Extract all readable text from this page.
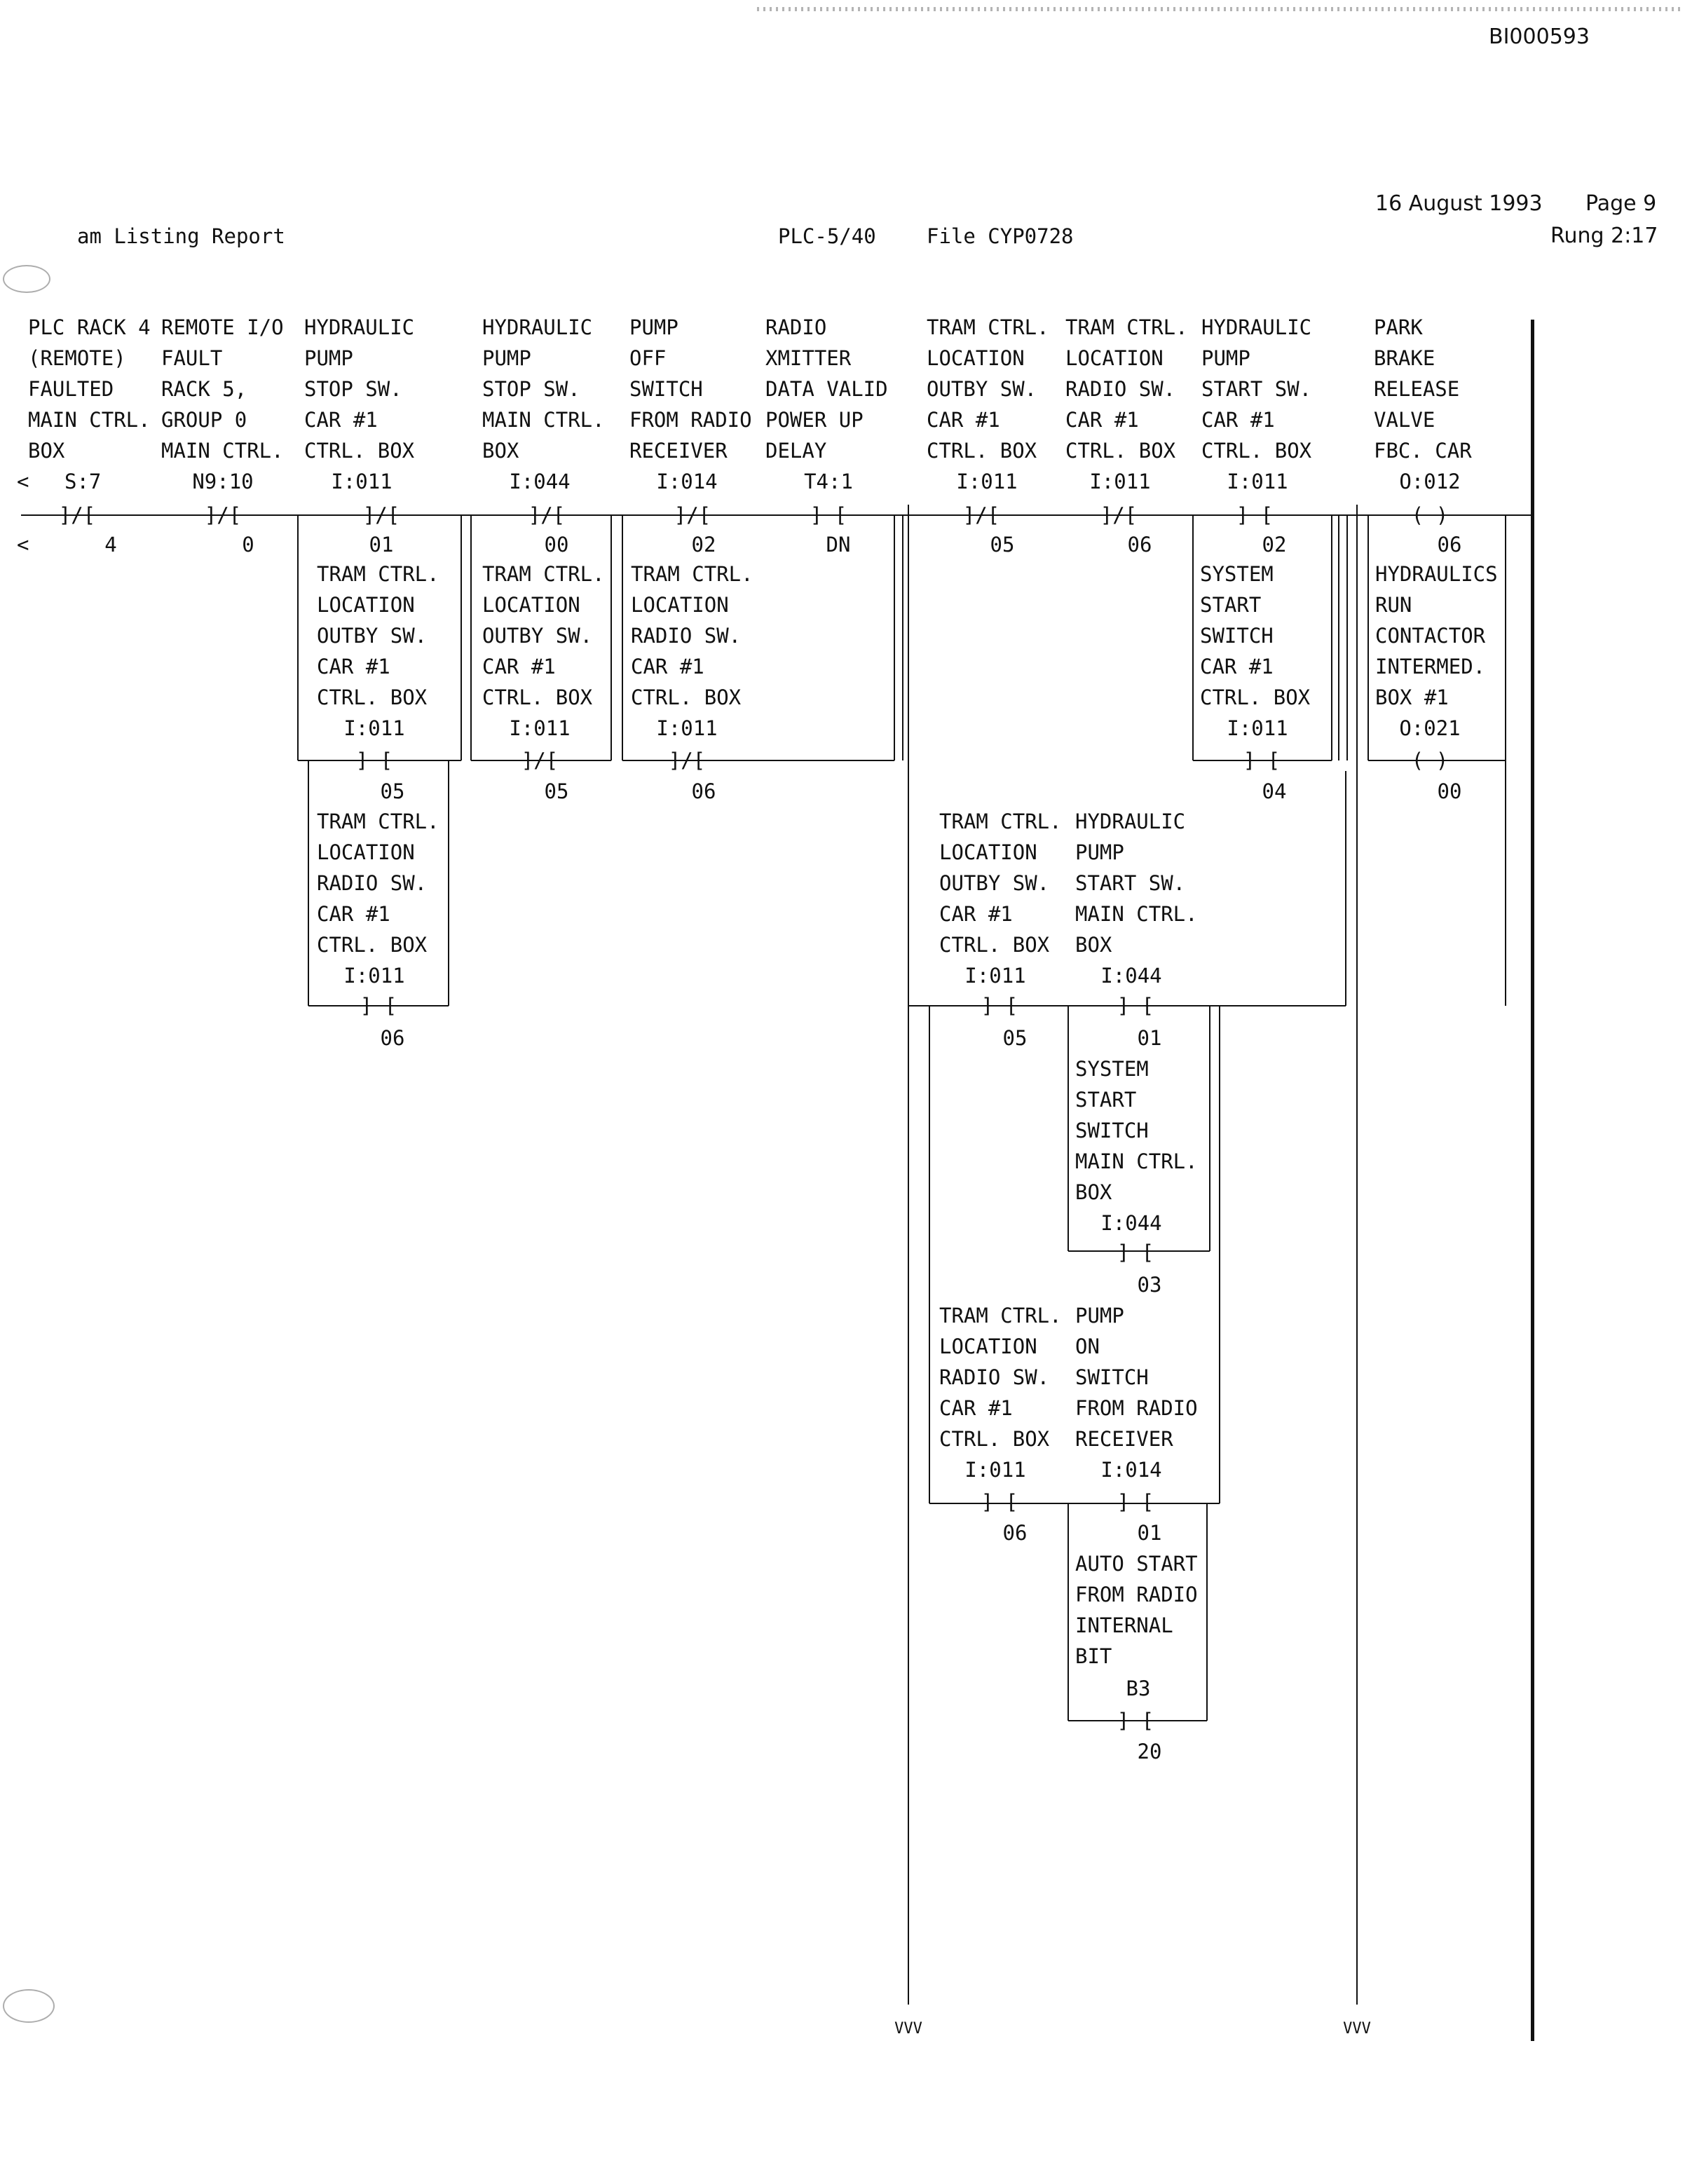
BI000593
16 August 1993 Page 9
am Listing Report	PLC-5/40 File CYP0728	Rung 2:17
PLC RACK 4
(REMOTE)
FAULTED
MAIN CTRL.
BOX
< S:7
]/[
<	4
REMOTE I/O
FAULT
RACK 5,
GROUP 0
MAIN CTRL.
N9:10
]/[
0
HYDRAULIC
PUMP
STOP SW.
CAR #1
CTRL. BOX
I:011
]/[
01
HYDRAULIC
PUMP
STOP SW.
MAIN CTRL.
BOX
I:044
]/[
00
PUMP
OFF
SWITCH
FROM RADIO
RECEIVER
I:014
]/[
02
RADIO
XMITTER
DATA VALID
POWER UP
DELAY
T4:1
] [
DN
TRAM CTRL.
LOCATION
OUTBY SW.
CAR #1
CTRL. BOX
I:011
]/[
05
TRAM CTRL.
LOCATION
RADIO SW.
CAR #1
CTRL. BOX
I:011
]/[
06
HYDRAULIC
PUMP
START SW.
CAR #1
CTRL. BOX
I:011
] [
02
PARK
BRAKE
RELEASE
VALVE
FBC. CAR
O:012
( )
06
TRAM CTRL.
LOCATION
OUTBY SW.
CAR #1
CTRL. BOX
I:011
] [
05
TRAM CTRL.
LOCATION
OUTBY SW.
CAR #1
CTRL. BOX
I:011
]/[
05
TRAM CTRL.
LOCATION
RADIO SW.
CAR #1
CTRL. BOX
I:011
]/[
06
SYSTEM
START
SWITCH
CAR #1
CTRL. BOX
I:011
] [
04
HYDRAULICS
RUN
CONTACTOR
INTERMED.
BOX #1
O:021
( )
00
TRAM CTRL.
LOCATION
RADIO SW.
CAR #1
CTRL. BOX
I:011
] [
06
TRAM CTRL.
LOCATION
OUTBY SW.
CAR #1
CTRL. BOX
I:011
] [
05
HYDRAULIC
PUMP
START SW.
MAIN CTRL.
BOX
I:044
] [
01
SYSTEM
START
SWITCH
MAIN CTRL.
BOX
I:044
] [
03
TRAM CTRL.
LOCATION
RADIO SW.
CAR #1
CTRL. BOX
I:011
] [
06
PUMP
ON
SWITCH
FROM RADIO
RECEIVER
I:014
] [
01
AUTO START
FROM RADIO
INTERNAL
BIT
B3
] [
20
VVV	VVV
